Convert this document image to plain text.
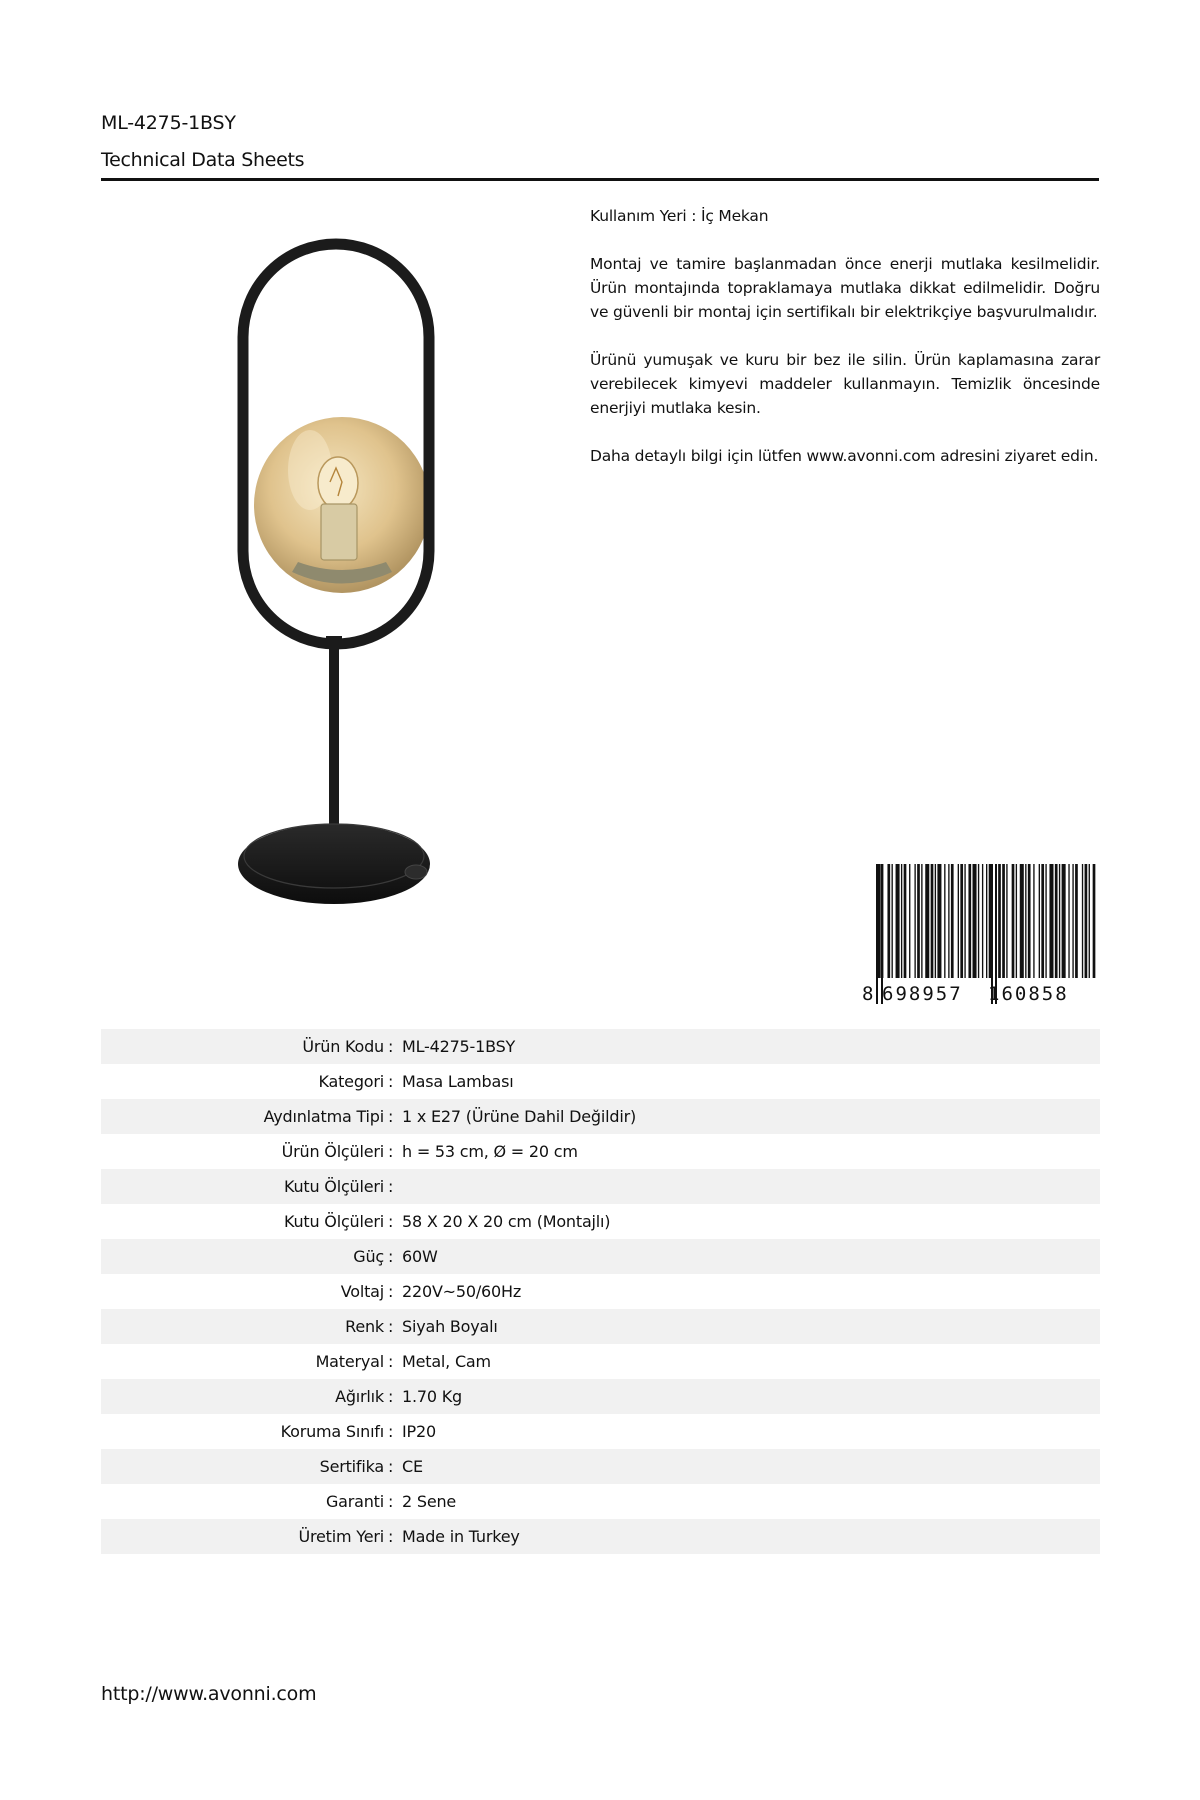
ML-4275-1BSY
Technical Data Sheets

Kullanım Yeri : İç Mekan

Montaj ve tamire başlanmadan önce enerji mutlaka kesilmelidir. Ürün montajında topraklamaya mutlaka dikkat edilmelidir. Doğru ve güvenli bir montaj için sertifikalı bir elektrikçiye başvurulmalıdır.

Ürünü yumuşak ve kuru bir bez ile silin. Ürün kaplamasına zarar verebilecek kimyevi maddeler kullanmayın. Temizlik öncesinde enerjiyi mutlaka kesin.

Daha detaylı bilgi için lütfen www.avonni.com adresini ziyaret edin.

8 698957 160858
Ürün Kodu : ML-4275-1BSY
Kategori : Masa Lambası
Aydınlatma Tipi : 1 x E27 (Ürüne Dahil Değildir)
Ürün Ölçüleri : h = 53 cm, Ø = 20 cm
Kutu Ölçüleri :
Kutu Ölçüleri : 58 X 20 X 20 cm (Montajlı)
Güç : 60W
Voltaj : 220V~50/60Hz
Renk : Siyah Boyalı
Materyal : Metal, Cam
Ağırlık : 1.70 Kg
Koruma Sınıfı : IP20
Sertifika : CE
Garanti : 2 Sene
Üretim Yeri : Made in Turkey
http://www.avonni.com
